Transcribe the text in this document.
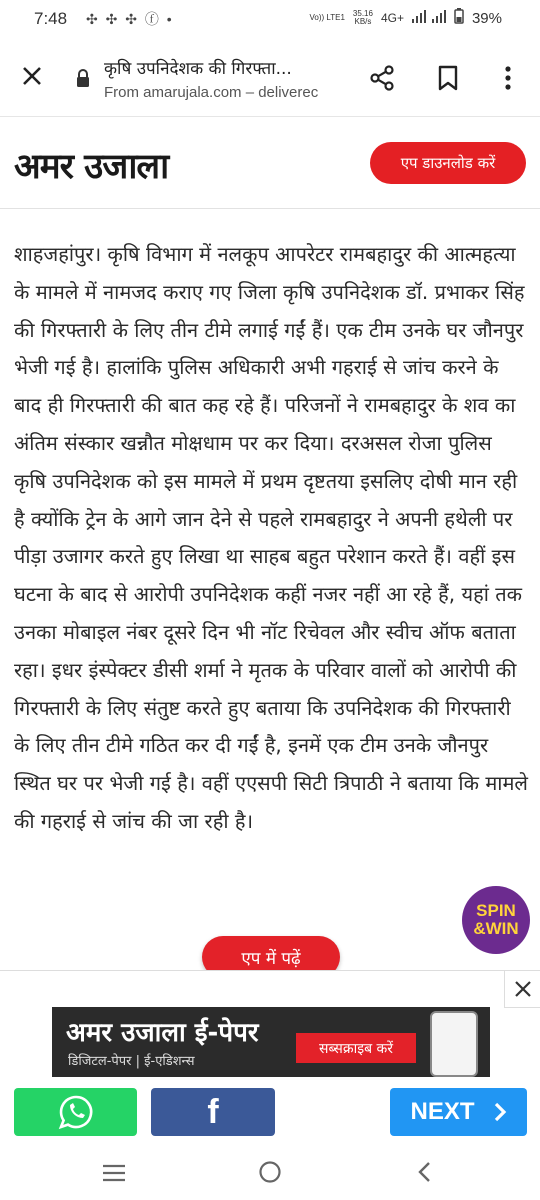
7:48 ✣ ✣ ✣ ⓕ •	Vo)) LTE1 35.16
KB/s 4G+	39%
कृषि उपनिदेशक की गिरफ्ता...
From amarujala.com – deliverec
अमर उजाला	एप डाउनलोड करें
शाहजहांपुर। कृषि विभाग में नलकूप आपरेटर रामबहादुर की आत्महत्या के मामले में नामजद कराए गए जिला कृषि उपनिदेशक डॉ. प्रभाकर सिंह की गिरफ्तारी के लिए तीन टीमे लगाई गईं हैं। एक टीम उनके घर जौनपुर भेजी गई है। हालांकि पुलिस अधिकारी अभी गहराई से जांच करने के बाद ही गिरफ्तारी की बात कह रहे हैं। परिजनों ने रामबहादुर के शव का अंतिम संस्कार खन्नौत मोक्षधाम पर कर दिया। दरअसल रोजा पुलिस कृषि उपनिदेशक को इस मामले में प्रथम दृष्टतया इसलिए दोषी मान रही है क्योंकि ट्रेन के आगे जान देने से पहले रामबहादुर ने अपनी हथेली पर पीड़ा उजागर करते हुए लिखा था साहब बहुत परेशान करते हैं। वहीं इस घटना के बाद से आरोपी उपनिदेशक कहीं नजर नहीं आ रहे हैं, यहां तक उनका मोबाइल नंबर दूसरे दिन भी नॉट रिचेवल और स्वीच ऑफ बताता रहा। इधर इंस्पेक्टर डीसी शर्मा ने मृतक के परिवार वालों को आरोपी की गिरफ्तारी के लिए संतुष्ट करते हुए बताया कि उपनिदेशक की गिरफ्तारी के लिए तीन टीमे गठित कर दी गईं है, इनमें एक टीम उनके जौनपुर स्थित घर पर भेजी गई है। वहीं एएसपी सिटी त्रिपाठी ने बताया कि मामले की गहराई से जांच की जा रही है।
एप में पढ़ें
SPIN
&WIN
अमर उजाला ई-पेपर
डिजिटल-पेपर | ई-एडिशन्स
सब्सक्राइब करें
f	NEXT
